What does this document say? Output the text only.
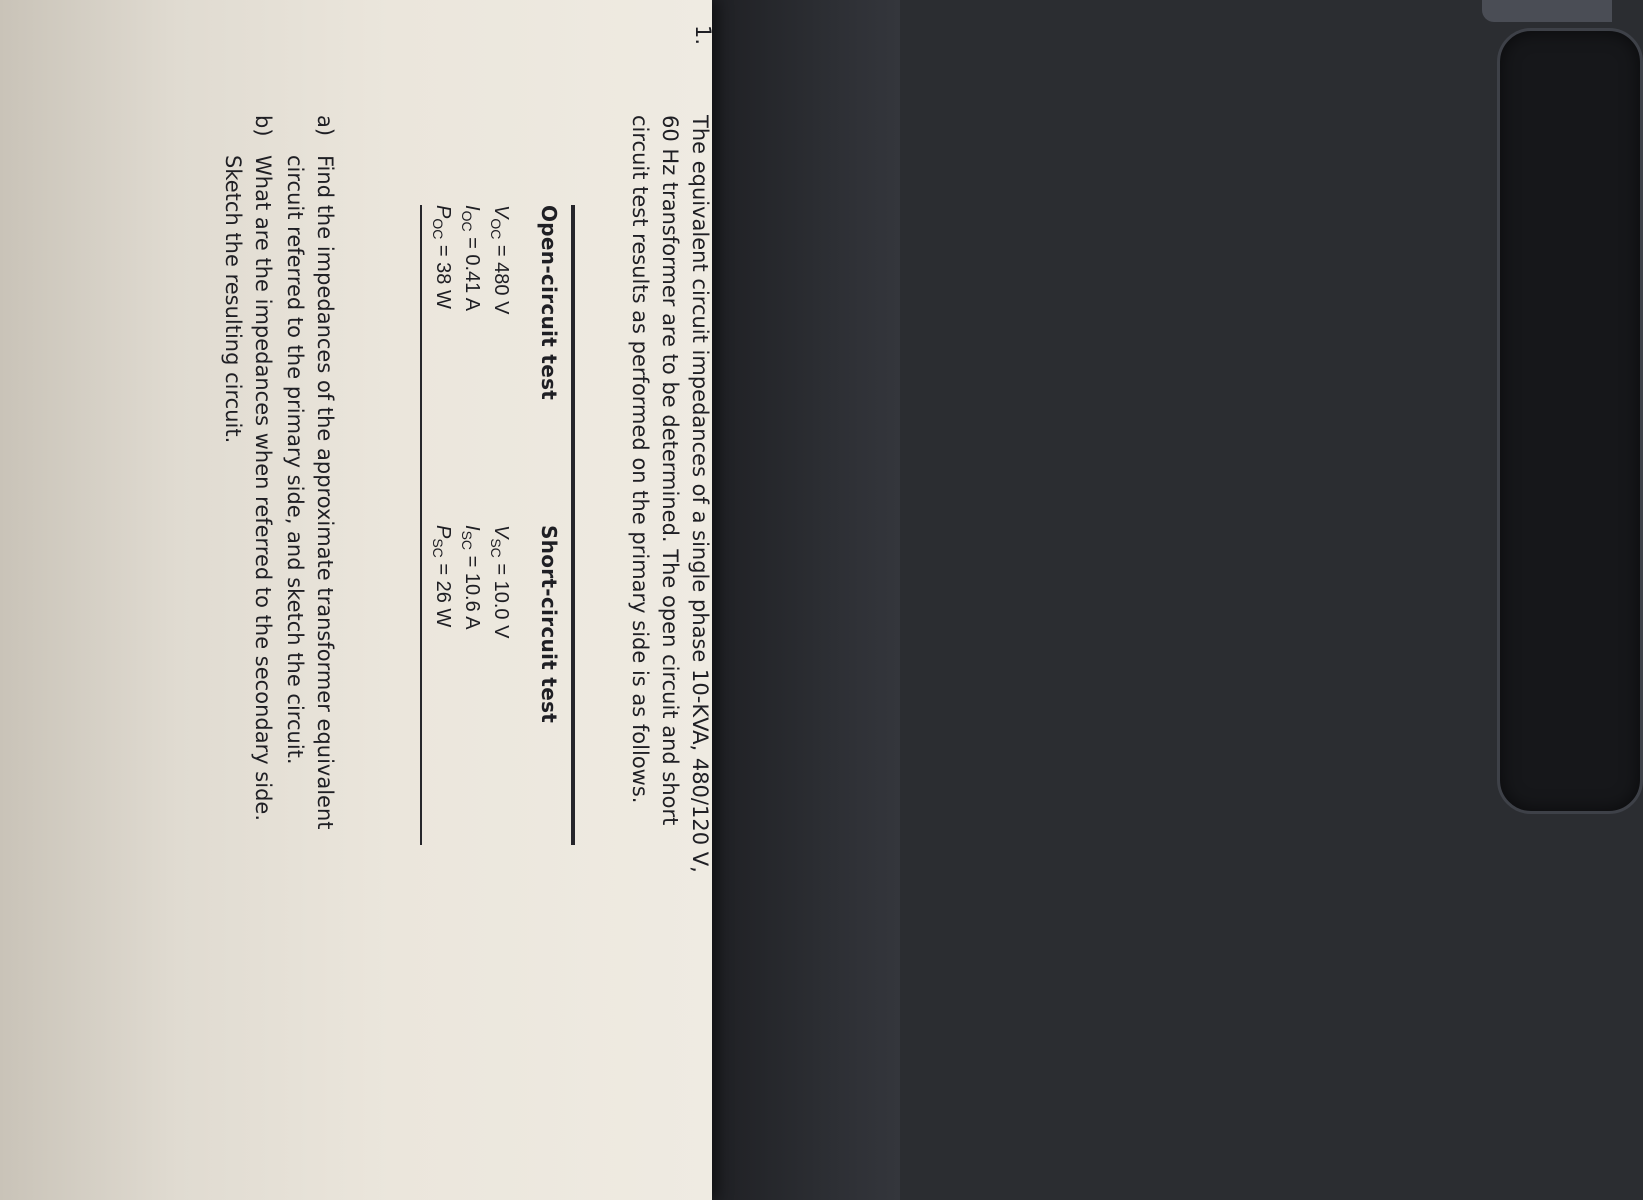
1.
The equivalent circuit impedances of a single phase 10-KVA, 480/120 V,
60 Hz transformer are to be determined. The open circuit and short
circuit test results as performed on the primary side is as follows.
Open-circuit test
Short-circuit test
$V_{OC} = 480$ V
$I_{OC} = 0.41$ A
$P_{OC} = 38$ W
$V_{SC} = 10.0$ V
$I_{SC} = 10.6$ A
$P_{SC} = 26$ W
a)
Find the impedances of the approximate transformer equivalent
circuit referred to the primary side, and sketch the circuit.
b)
What are the impedances when referred to the secondary side.
Sketch the resulting circuit.
